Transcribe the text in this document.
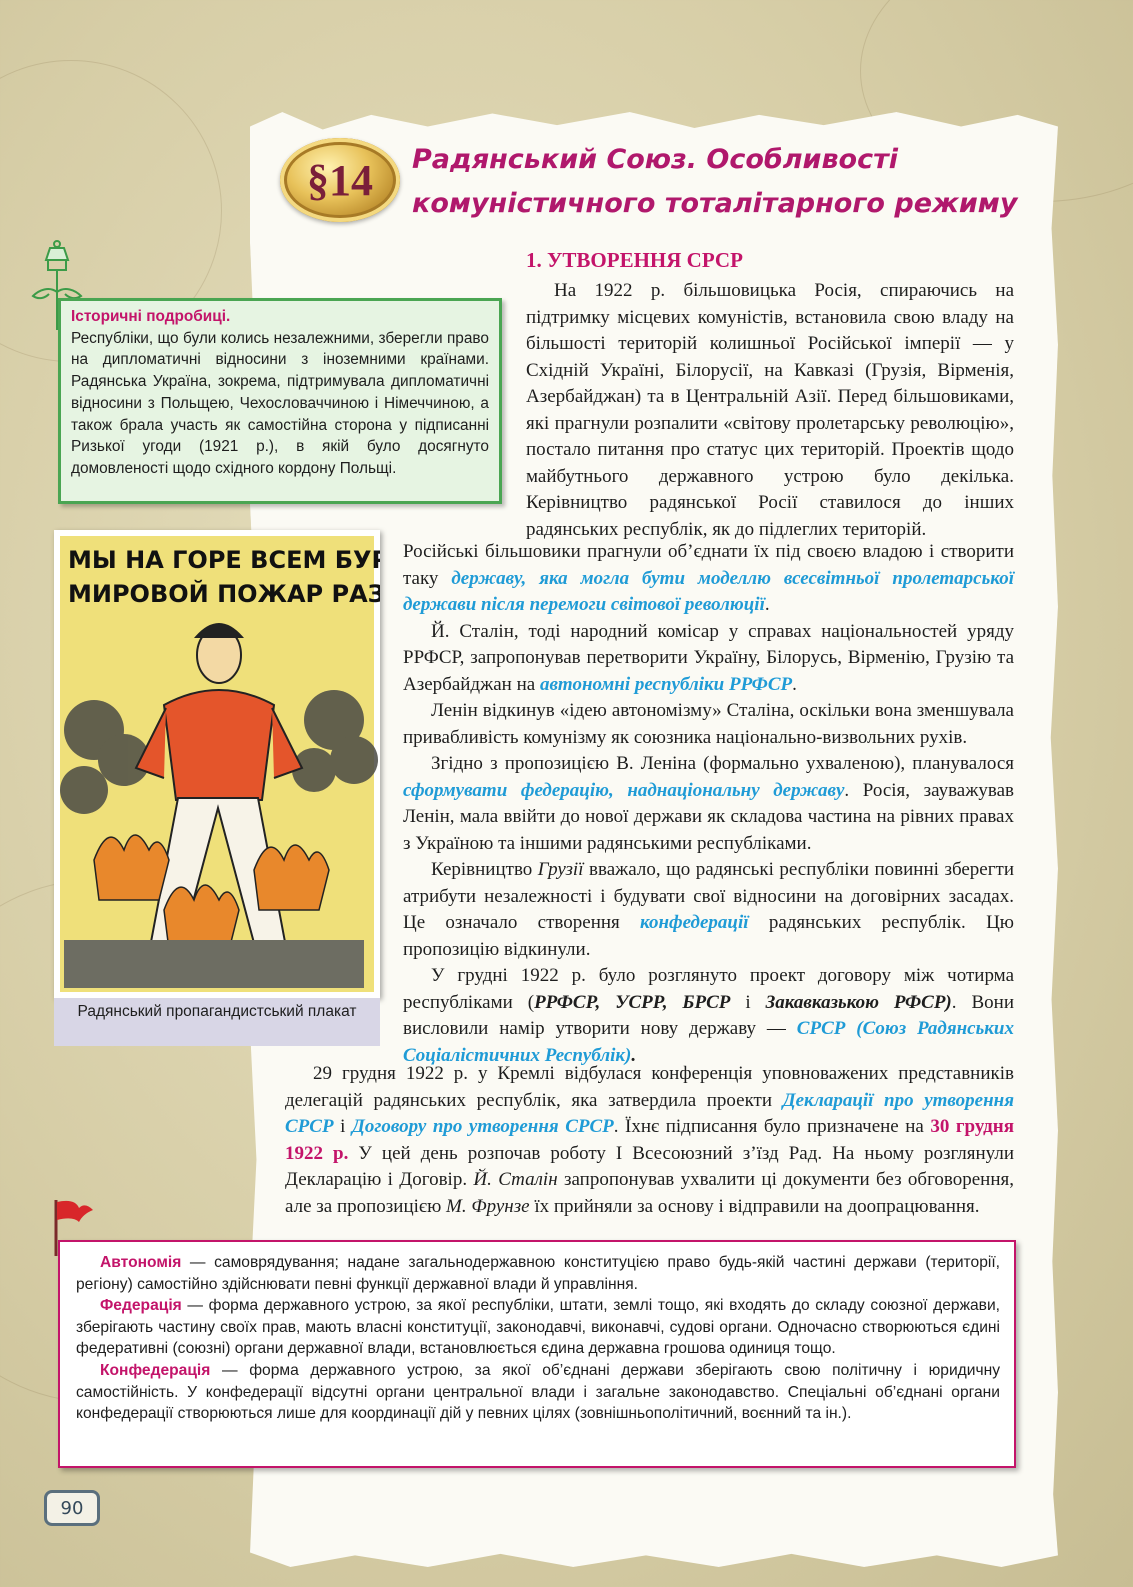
§14 Радянський Союз. Особливості
комуністичного тоталітарного режиму
1. УТВОРЕННЯ СРСР
Історичні подробиці.
Республіки, що були колись незалежними, зберегли право на дипломатичні відносини з іноземними країнами. Радянська Україна, зокрема, підтримувала дипломатичні відносини з Польщею, Чехословаччиною і Німеччиною, а також брала участь як самостійна сторона у підписанні Ризької угоди (1921 р.), в якій було досягнуто домовленості щодо східного кордону Польщі.

На 1922 р. більшовицька Росія, спираючись на підтримку місцевих комуністів, встановила свою владу на більшості територій колишньої Російської імперії — у Східній Україні, Білорусії, на Кавказі (Грузія, Вірменія, Азербайджан) та в Центральній Азії. Перед більшовиками, які прагнули розпалити «світову пролетарську революцію», постало питання про статус цих територій. Проектів щодо майбутнього державного устрою було декілька. Керівництво радянської Росії ставилося до інших радянських республік, як до підлеглих територій.

Російські більшовики прагнули об’єднати їх під своєю владою і створити таку державу, яка могла бути моделлю всесвітньої пролетарської держави після перемоги світової революції.

Й. Сталін, тоді народний комісар у справах національностей уряду РРФСР, запропонував перетворити Україну, Білорусь, Вірменію, Грузію та Азербайджан на автономні республіки РРФСР.

Ленін відкинув «ідею автономізму» Сталіна, оскільки вона зменшувала привабливість комунізму як союзника національно-визвольних рухів.

Згідно з пропозицією В. Леніна (формально ухваленою), планувалося сформувати федерацію, наднаціональну державу. Росія, зауважував Ленін, мала ввійти до нової держави як складова частина на рівних правах з Україною та іншими радянськими республіками.

Керівництво Грузії вважало, що радянські республіки повинні зберегти атрибути незалежності і будувати свої відносини на договірних засадах. Це означало створення конфедерації радянських республік. Цю пропозицію відкинули.

У грудні 1922 р. було розглянуто проект договору між чотирма республіками (РРФСР, УСРР, БРСР і Закавказькою РФСР). Вони висловили намір утворити нову державу — СРСР (Союз Радянських Соціалістичних Республік).

29 грудня 1922 р. у Кремлі відбулася конференція уповноважених представників делегацій радянських республік, яка затвердила проекти Декларації про утворення СРСР і Договору про утворення СРСР. Їхнє підписання було призначене на 30 грудня 1922 р. У цей день розпочав роботу I Всесоюзний з’їзд Рад. На ньому розглянули Декларацію і Договір. Й. Сталін запропонував ухвалити ці документи без обговорення, але за пропозицією М. Фрунзе їх прийняли за основу і відправили на доопрацювання.

МЫ НА ГОРЕ ВСЕМ БУ
МИРОВОЙ ПОЖАР РАЗ
Радянський пропагандистський плакат

Автономія — самоврядування; надане загальнодержавною конституцією право будь-якій частині держави (території, регіону) самостійно здійснювати певні функції державної влади й управління.

Федерація — форма державного устрою, за якої республіки, штати, землі тощо, які входять до складу союзної держави, зберігають частину своїх прав, мають власні конституції, законодавчі, виконавчі, судові органи. Одночасно створюються єдині федеративні (союзні) органи державної влади, встановлюється єдина державна грошова одиниця тощо.

Конфедерація — форма державного устрою, за якої об’єднані держави зберігають свою політичну і юридичну самостійність. У конфедерації відсутні органи центральної влади і загальне законодавство. Спеціальні об’єднані органи конфедерації створюються лише для координації дій у певних цілях (зовнішньополітичний, воєнний та ін.).

90
